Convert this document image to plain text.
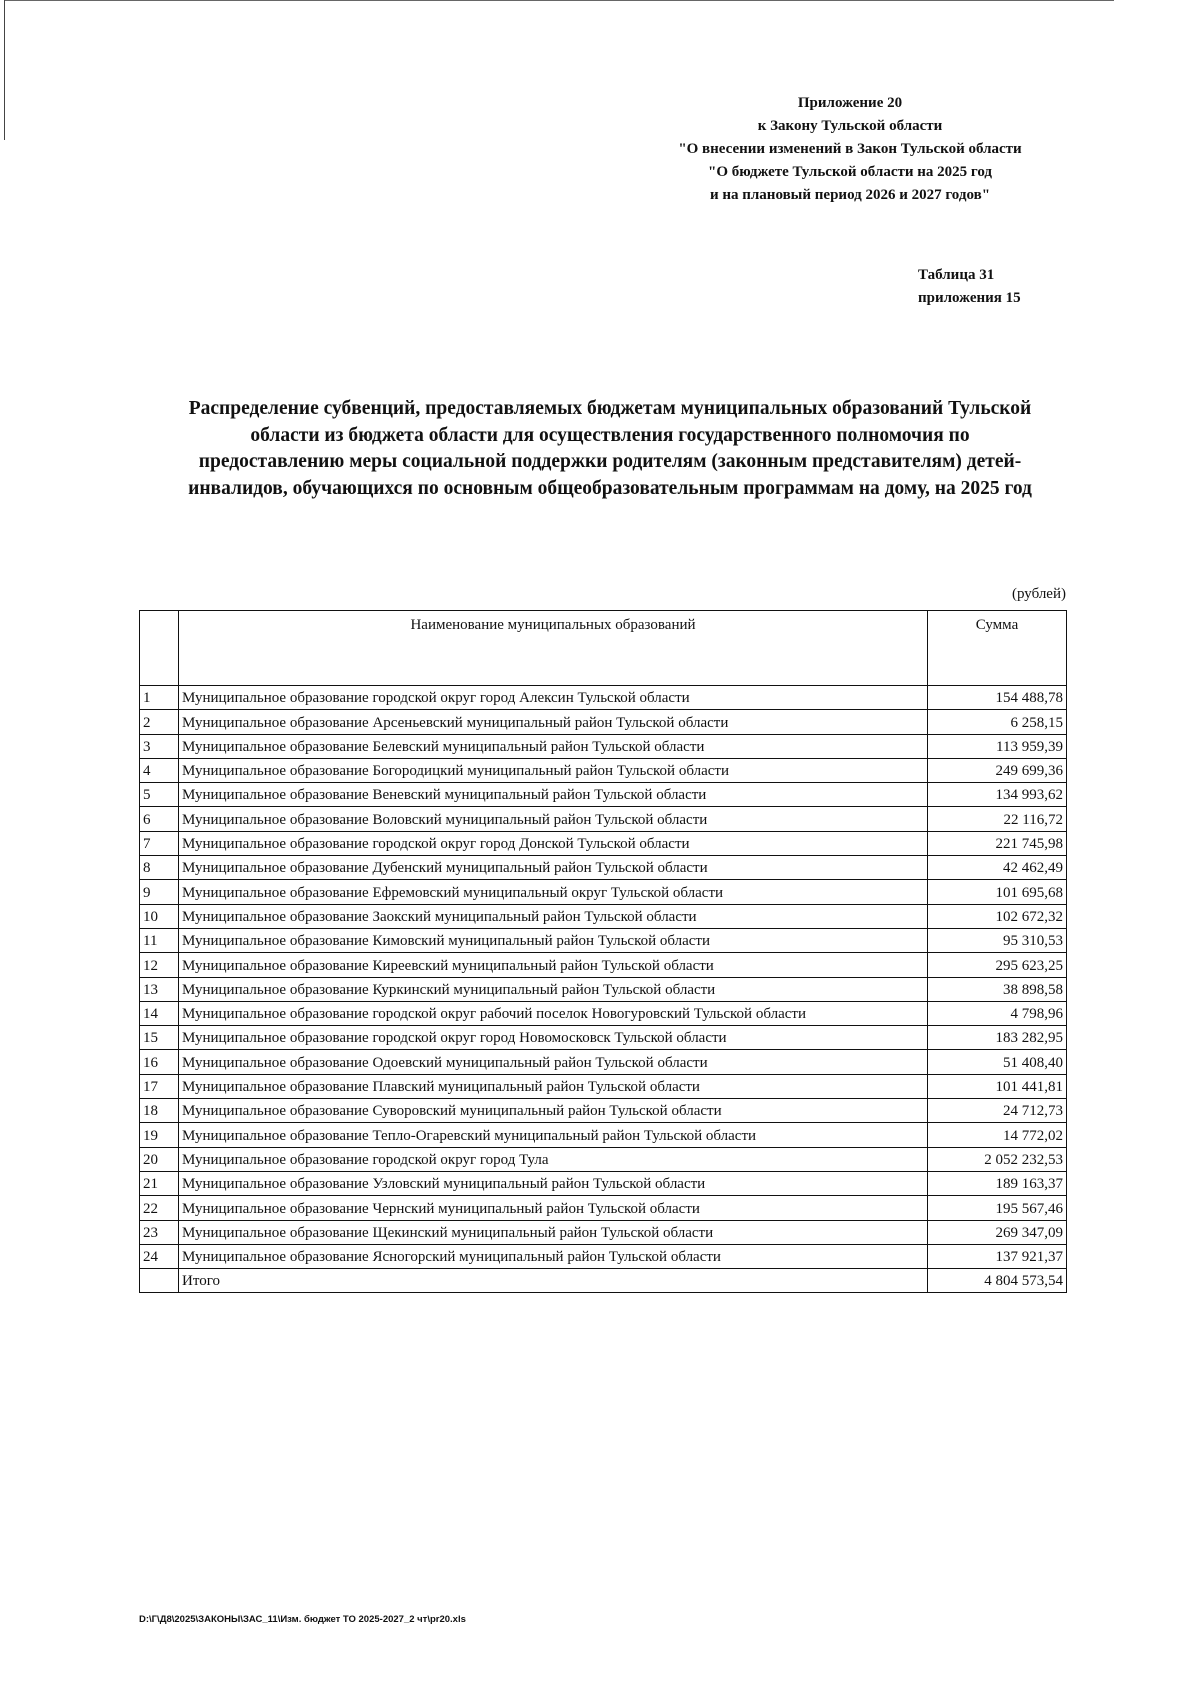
Приложение 20
к Закону Тульской области
"О внесении изменений в Закон Тульской области
"О бюджете Тульской области на 2025 год
и на плановый период 2026 и 2027 годов"
Таблица 31
приложения 15
Распределение субвенций, предоставляемых бюджетам муниципальных образований Тульской
области из бюджета области для осуществления государственного полномочия по
предоставлению меры социальной поддержки родителям (законным представителям) детей-
инвалидов, обучающихся по основным общеобразовательным программам на дому, на 2025 год
(рублей)
	Наименование муниципальных образований	Сумма
1	Муниципальное образование городской округ город Алексин Тульской области	154 488,78
2	Муниципальное образование Арсеньевский муниципальный район Тульской области	6 258,15
3	Муниципальное образование Белевский муниципальный район Тульской области	113 959,39
4	Муниципальное образование Богородицкий муниципальный район Тульской области	249 699,36
5	Муниципальное образование Веневский муниципальный район Тульской области	134 993,62
6	Муниципальное образование Воловский муниципальный район Тульской области	22 116,72
7	Муниципальное образование городской округ город Донской Тульской области	221 745,98
8	Муниципальное образование Дубенский муниципальный район Тульской области	42 462,49
9	Муниципальное образование Ефремовский муниципальный округ Тульской области	101 695,68
10	Муниципальное образование Заокский муниципальный район Тульской области	102 672,32
11	Муниципальное образование Кимовский муниципальный район Тульской области	95 310,53
12	Муниципальное образование Киреевский муниципальный район Тульской области	295 623,25
13	Муниципальное образование Куркинский муниципальный район Тульской области	38 898,58
14	Муниципальное образование городской округ рабочий поселок Новогуровский Тульской области	4 798,96
15	Муниципальное образование городской округ город Новомосковск Тульской области	183 282,95
16	Муниципальное образование Одоевский муниципальный район Тульской области	51 408,40
17	Муниципальное образование Плавский муниципальный район Тульской области	101 441,81
18	Муниципальное образование Суворовский муниципальный район Тульской области	24 712,73
19	Муниципальное образование Тепло-Огаревский муниципальный район Тульской области	14 772,02
20	Муниципальное образование городской округ город Тула	2 052 232,53
21	Муниципальное образование Узловский муниципальный район Тульской области	189 163,37
22	Муниципальное образование Чернский муниципальный район Тульской области	195 567,46
23	Муниципальное образование Щекинский муниципальный район Тульской области	269 347,09
24	Муниципальное образование Ясногорский муниципальный район Тульской области	137 921,37
	Итого	4 804 573,54
D:\Г\Д8\2025\ЗАКОНЫ\ЗАС_11\Изм. бюджет ТО 2025-2027_2 чт\pr20.xls
